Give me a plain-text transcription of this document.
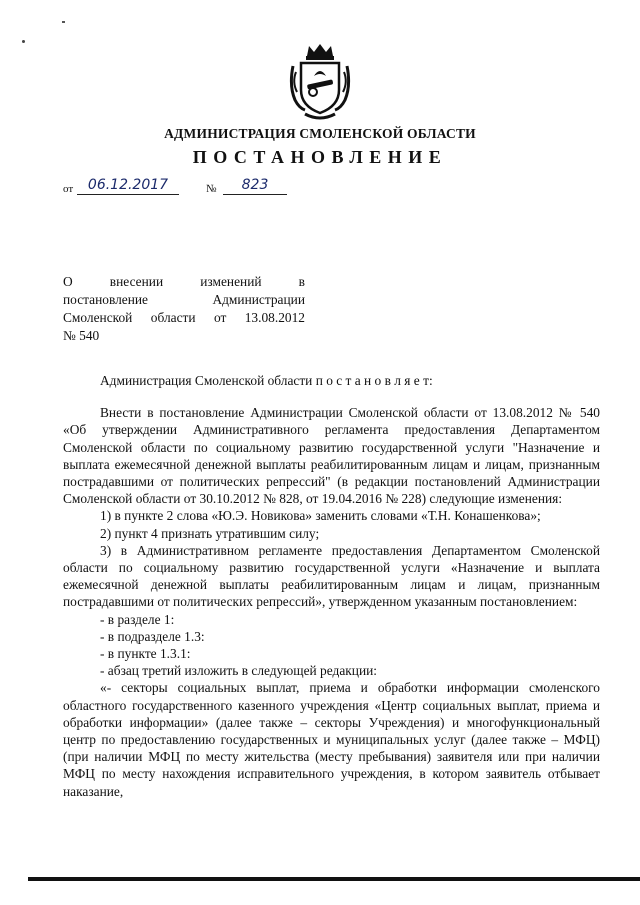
АДМИНИСТРАЦИЯ СМОЛЕНСКОЙ ОБЛАСТИ
ПОСТАНОВЛЕНИЕ
от	06.12.2017	№	823

О внесении изменений в

постановление Администрации

Смоленской области от 13.08.2012

№ 540

Администрация Смоленской области п о с т а н о в л я е т:

Внести в постановление Администрации Смоленской области от 13.08.2012 № 540 «Об утверждении Административного регламента предоставления Департаментом Смоленской области по социальному развитию государственной услуги "Назначение и выплата ежемесячной денежной выплаты реабилитированным лицам и лицам, признанным пострадавшими от политических репрессий" (в редакции постановлений Администрации Смоленской области от 30.10.2012 № 828, от 19.04.2016 № 228) следующие изменения:

1) в пункте 2 слова «Ю.Э. Новикова» заменить словами «Т.Н. Конашенкова»;

2) пункт 4 признать утратившим силу;

3) в Административном регламенте предоставления Департаментом Смоленской области по социальному развитию государственной услуги «Назначение и выплата ежемесячной денежной выплаты реабилитированным лицам и лицам, признанным пострадавшими от политических репрессий», утвержденном указанным постановлением:

- в разделе 1:

- в подразделе 1.3:

- в пункте 1.3.1:

- абзац третий изложить в следующей редакции:

«- секторы социальных выплат, приема и обработки информации смоленского областного государственного казенного учреждения «Центр социальных выплат, приема и обработки информации» (далее также – секторы Учреждения) и многофункциональный центр по предоставлению государственных и муниципальных услуг (далее также – МФЦ) (при наличии МФЦ по месту жительства (месту пребывания) заявителя или при наличии МФЦ по месту нахождения исправительного учреждения, в котором заявитель отбывает наказание,
